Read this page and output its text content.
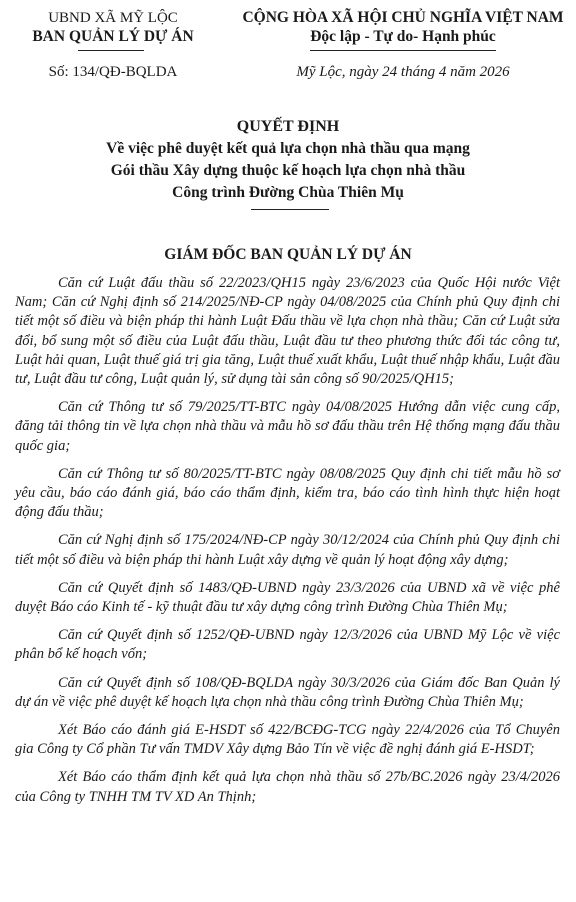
UBND XÃ MỸ LỘC
BAN QUẢN LÝ DỰ ÁN
Số: 134/QĐ-BQLDA
CỘNG HÒA XÃ HỘI CHỦ NGHĨA VIỆT NAM
Độc lập - Tự do- Hạnh phúc
Mỹ Lộc, ngày 24 tháng 4 năm 2026
QUYẾT ĐỊNH
Về việc phê duyệt kết quả lựa chọn nhà thầu qua mạng
Gói thầu Xây dựng thuộc kế hoạch lựa chọn nhà thầu
Công trình Đường Chùa Thiên Mụ
GIÁM ĐỐC BAN QUẢN LÝ DỰ ÁN

Căn cứ Luật đấu thầu số 22/2023/QH15 ngày 23/6/2023 của Quốc Hội nước Việt Nam; Căn cứ Nghị định số 214/2025/NĐ-CP ngày 04/08/2025 của Chính phủ Quy định chi tiết một số điều và biện pháp thi hành Luật Đấu thầu về lựa chọn nhà thầu; Căn cứ Luật sửa đổi, bổ sung một số điều của Luật đấu thầu, Luật đầu tư theo phương thức đối tác công tư, Luật hải quan, Luật thuế giá trị gia tăng, Luật thuế xuất khẩu, Luật thuế nhập khẩu, Luật đầu tư, Luật đầu tư công, Luật quản lý, sử dụng tài sản công số 90/2025/QH15;

Căn cứ Thông tư số 79/2025/TT-BTC ngày 04/08/2025 Hướng dẫn việc cung cấp, đăng tải thông tin về lựa chọn nhà thầu và mẫu hồ sơ đấu thầu trên Hệ thống mạng đấu thầu quốc gia;

Căn cứ Thông tư số 80/2025/TT-BTC ngày 08/08/2025 Quy định chi tiết mẫu hồ sơ yêu cầu, báo cáo đánh giá, báo cáo thẩm định, kiểm tra, báo cáo tình hình thực hiện hoạt động đấu thầu;

Căn cứ Nghị định số 175/2024/NĐ-CP ngày 30/12/2024 của Chính phủ Quy định chi tiết một số điều và biện pháp thi hành Luật xây dựng về quản lý hoạt động xây dựng;

Căn cứ Quyết định số 1483/QĐ-UBND ngày 23/3/2026 của UBND xã về việc phê duyệt Báo cáo Kinh tế - kỹ thuật đầu tư xây dựng công trình Đường Chùa Thiên Mụ;

Căn cứ Quyết định số 1252/QĐ-UBND ngày 12/3/2026 của UBND Mỹ Lộc về việc phân bổ kế hoạch vốn;

Căn cứ Quyết định số 108/QĐ-BQLDA ngày 30/3/2026 của Giám đốc Ban Quản lý dự án về việc phê duyệt kế hoạch lựa chọn nhà thầu công trình Đường Chùa Thiên Mụ;

Xét Báo cáo đánh giá E-HSDT số 422/BCĐG-TCG ngày 22/4/2026 của Tổ Chuyên gia Công ty Cổ phần Tư vấn TMDV Xây dựng Bảo Tín về việc đề nghị đánh giá E-HSDT;

Xét Báo cáo thẩm định kết quả lựa chọn nhà thầu số 27b/BC.2026 ngày 23/4/2026 của Công ty TNHH TM TV XD An Thịnh;
